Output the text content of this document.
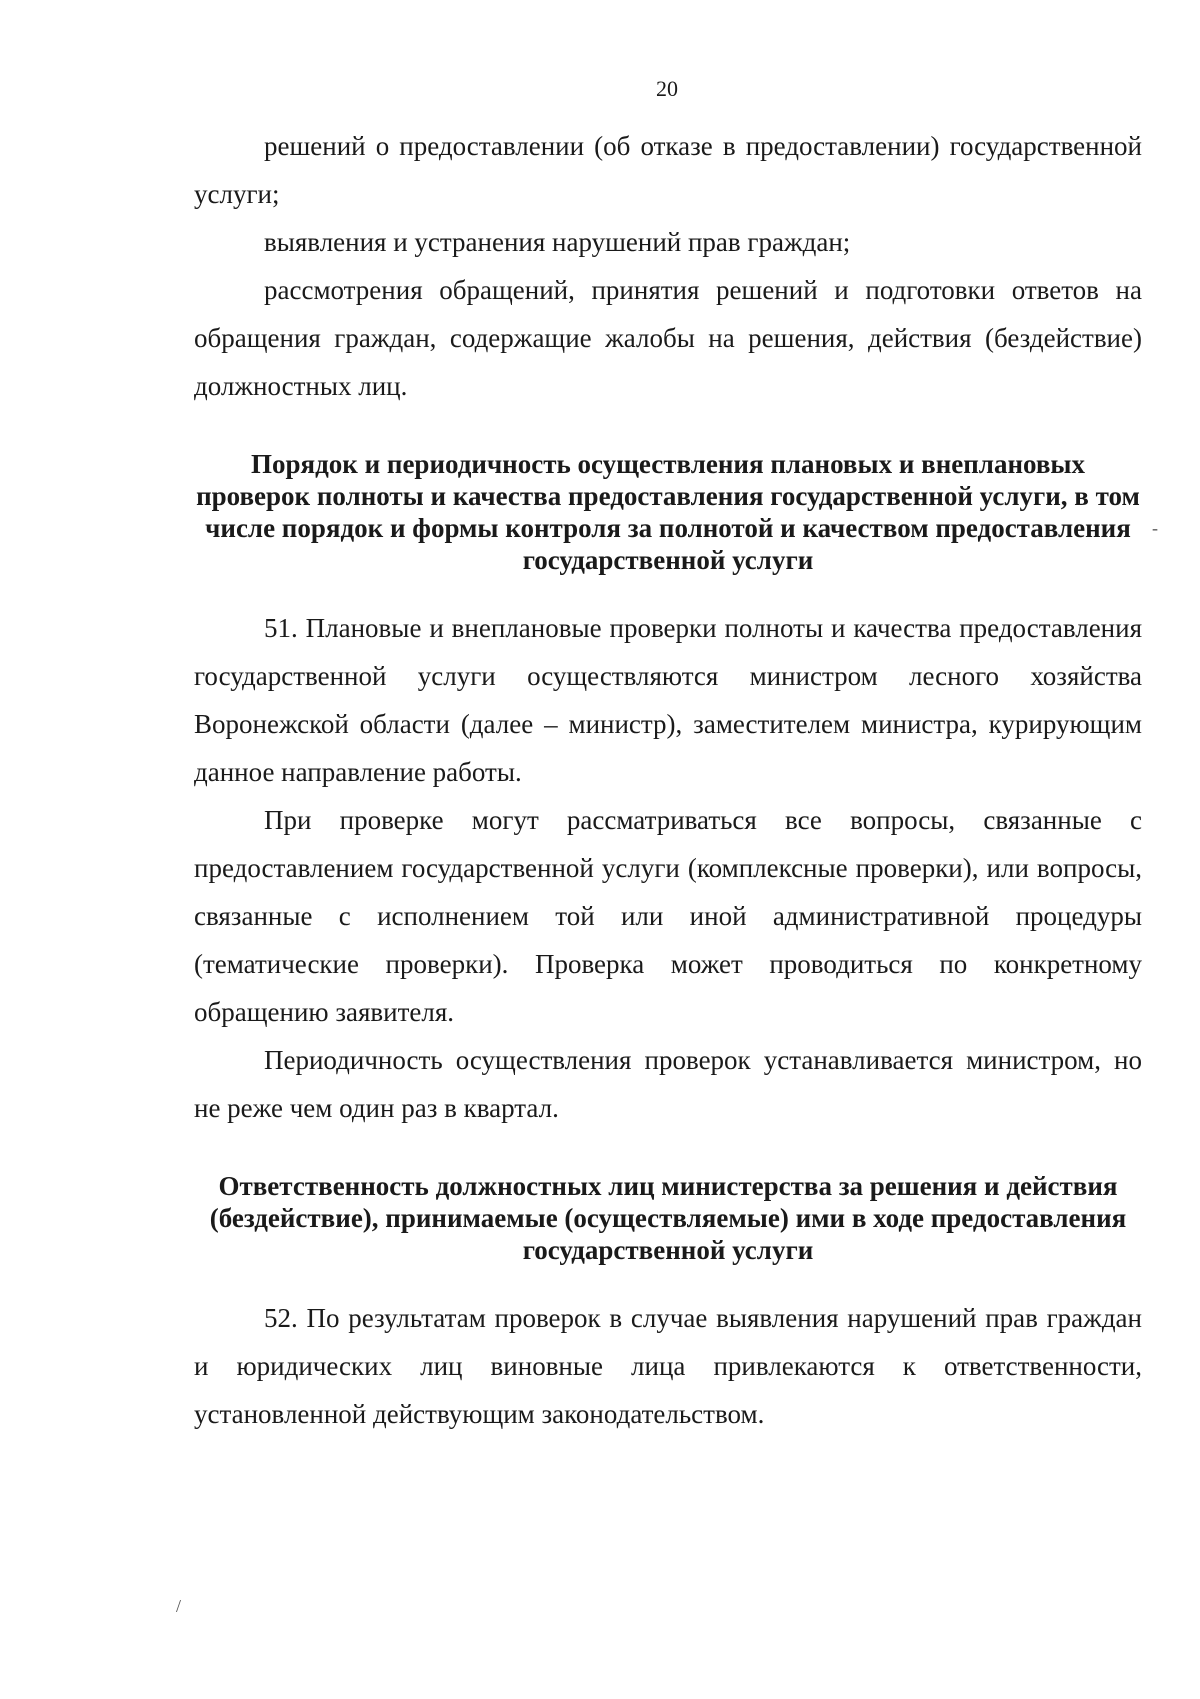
20

решений о предоставлении (об отказе в предоставлении) государственной услуги;

выявления и устранения нарушений прав граждан;

рассмотрения обращений, принятия решений и подготовки ответов на обращения граждан, содержащие жалобы на решения, действия (бездействие) должностных лиц.

Порядок и периодичность осуществления плановых и внеплановых проверок полноты и качества предоставления государственной услуги, в том числе порядок и формы контроля за полнотой и качеством предоставления государственной услуги

51. Плановые и внеплановые проверки полноты и качества предоставления государственной услуги осуществляются министром лесного хозяйства Воронежской области (далее – министр), заместителем министра, курирующим данное направление работы.

При проверке могут рассматриваться все вопросы, связанные с предоставлением государственной услуги (комплексные проверки), или вопросы, связанные с исполнением той или иной административной процедуры (тематические проверки). Проверка может проводиться по конкретному обращению заявителя.

Периодичность осуществления проверок устанавливается министром, но не реже чем один раз в квартал.

Ответственность должностных лиц министерства за решения и действия (бездействие), принимаемые (осуществляемые) ими в ходе предоставления государственной услуги

52. По результатам проверок в случае выявления нарушений прав граждан и юридических лиц виновные лица привлекаются к ответственности, установленной действующим законодательством.

-
/
